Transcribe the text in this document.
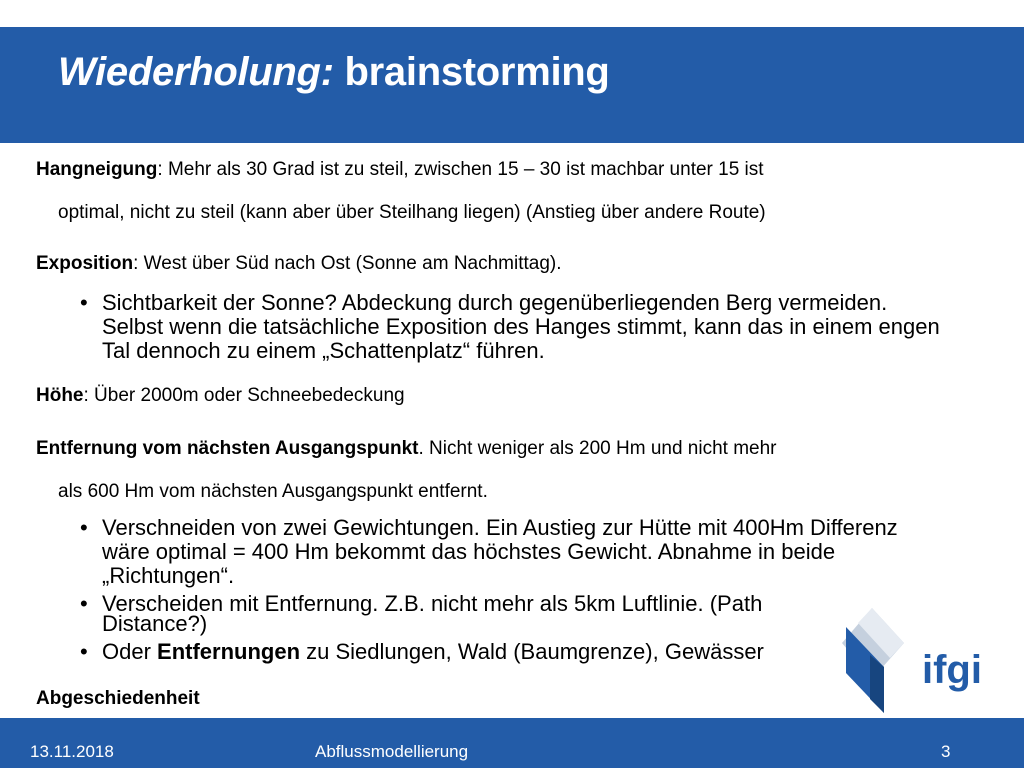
Wiederholung: brainstorming
Hangneigung: Mehr als 30 Grad ist zu steil, zwischen 15 – 30 ist machbar unter 15 ist
optimal, nicht zu steil (kann aber über Steilhang liegen) (Anstieg über andere Route)
Exposition: West über Süd nach Ost (Sonne am Nachmittag).
• Sichtbarkeit der Sonne? Abdeckung durch gegenüberliegenden Berg vermeiden. Selbst wenn die tatsächliche Exposition des Hanges stimmt, kann das in einem engen Tal dennoch zu einem „Schattenplatz“ führen.
Höhe: Über 2000m oder Schneebedeckung
Entfernung vom nächsten Ausgangspunkt. Nicht weniger als 200 Hm und nicht mehr
als 600 Hm vom nächsten Ausgangspunkt entfernt.
• Verschneiden von zwei Gewichtungen. Ein Austieg zur Hütte mit 400Hm Differenz wäre optimal = 400 Hm bekommt das höchstes Gewicht. Abnahme in beide „Richtungen“.
• Verscheiden mit Entfernung. Z.B. nicht mehr als 5km Luftlinie. (Path Distance?)
• Oder Entfernungen zu Siedlungen, Wald (Baumgrenze), Gewässer
Abgeschiedenheit
ifgi
13.11.2018	Abflussmodellierung	3
